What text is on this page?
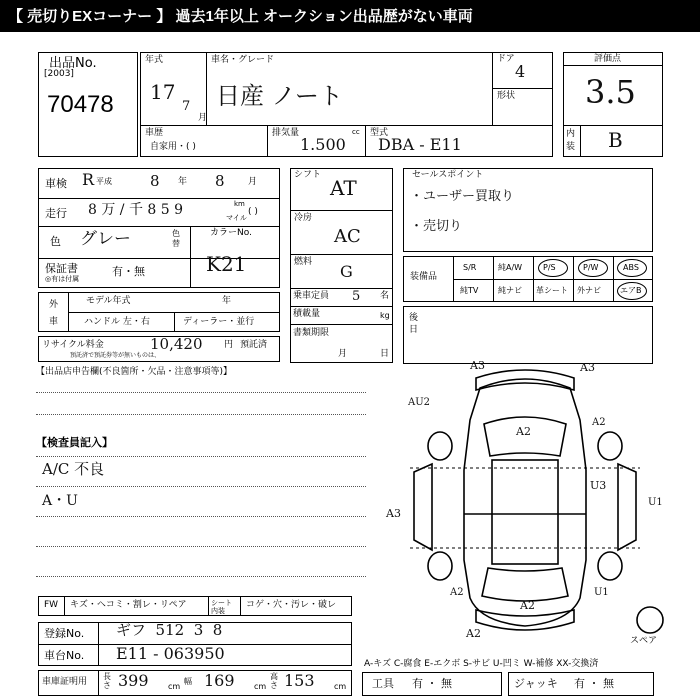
【 売切りEXコーナー 】 過去1年以上 オークション出品歴がない車両
出品No.
[2003]
70478
年式
17
7
月
車名・グレード
日産 ノート
ドア
4
形状
車歴
自家用・( )
排気量	cc
1.500
型式
DBA - E11
評価点
3.5
内装 B
車検 R 平成	8 年 8	月
走行 8 万 / 千 8 5 9	km
マイル
( )
色 グレー	色替
カラーNo.
K21
保証書
◎有は付属
有・無
外車
モデル年式	年
ハンドル 左・右	ディーラー・並行
リサイクル料金	10,420 円 預託済
預託済で預託券等が無いものは、
シフト
AT
冷房
AC
燃料 G
乗車定員 5 名
積載量	kg
書類期限
月	日
セールスポイント
・ユーザー買取り
・売切り
装備品
S/R	純A/W	P/S	P/W	ABS
純TV 純ナビ 革シート 外ナビ エアB
後日
【出品店申告欄(不良箇所・欠品・注意事項等)】
【検査員記入】
A/C 不良
A・U
A3	A3
AU2
A2
A2
U3
A3
U1
A2
A2
A2
U1
スペア
FW キズ・ヘコミ・割レ・リペア	シート内装
コゲ・穴・汚レ・破レ
登録No. ギフ  512  3  8
車台No. E11 - 063950
車庫証明用
長さ 399 cm
幅 169 cm
高さ 153 cm
A-キズ C-腐食 E-エクボ S-サビ U-凹ミ W-補修 XX-交換済
工具 有 ・ 無	ジャッキ 有 ・ 無
